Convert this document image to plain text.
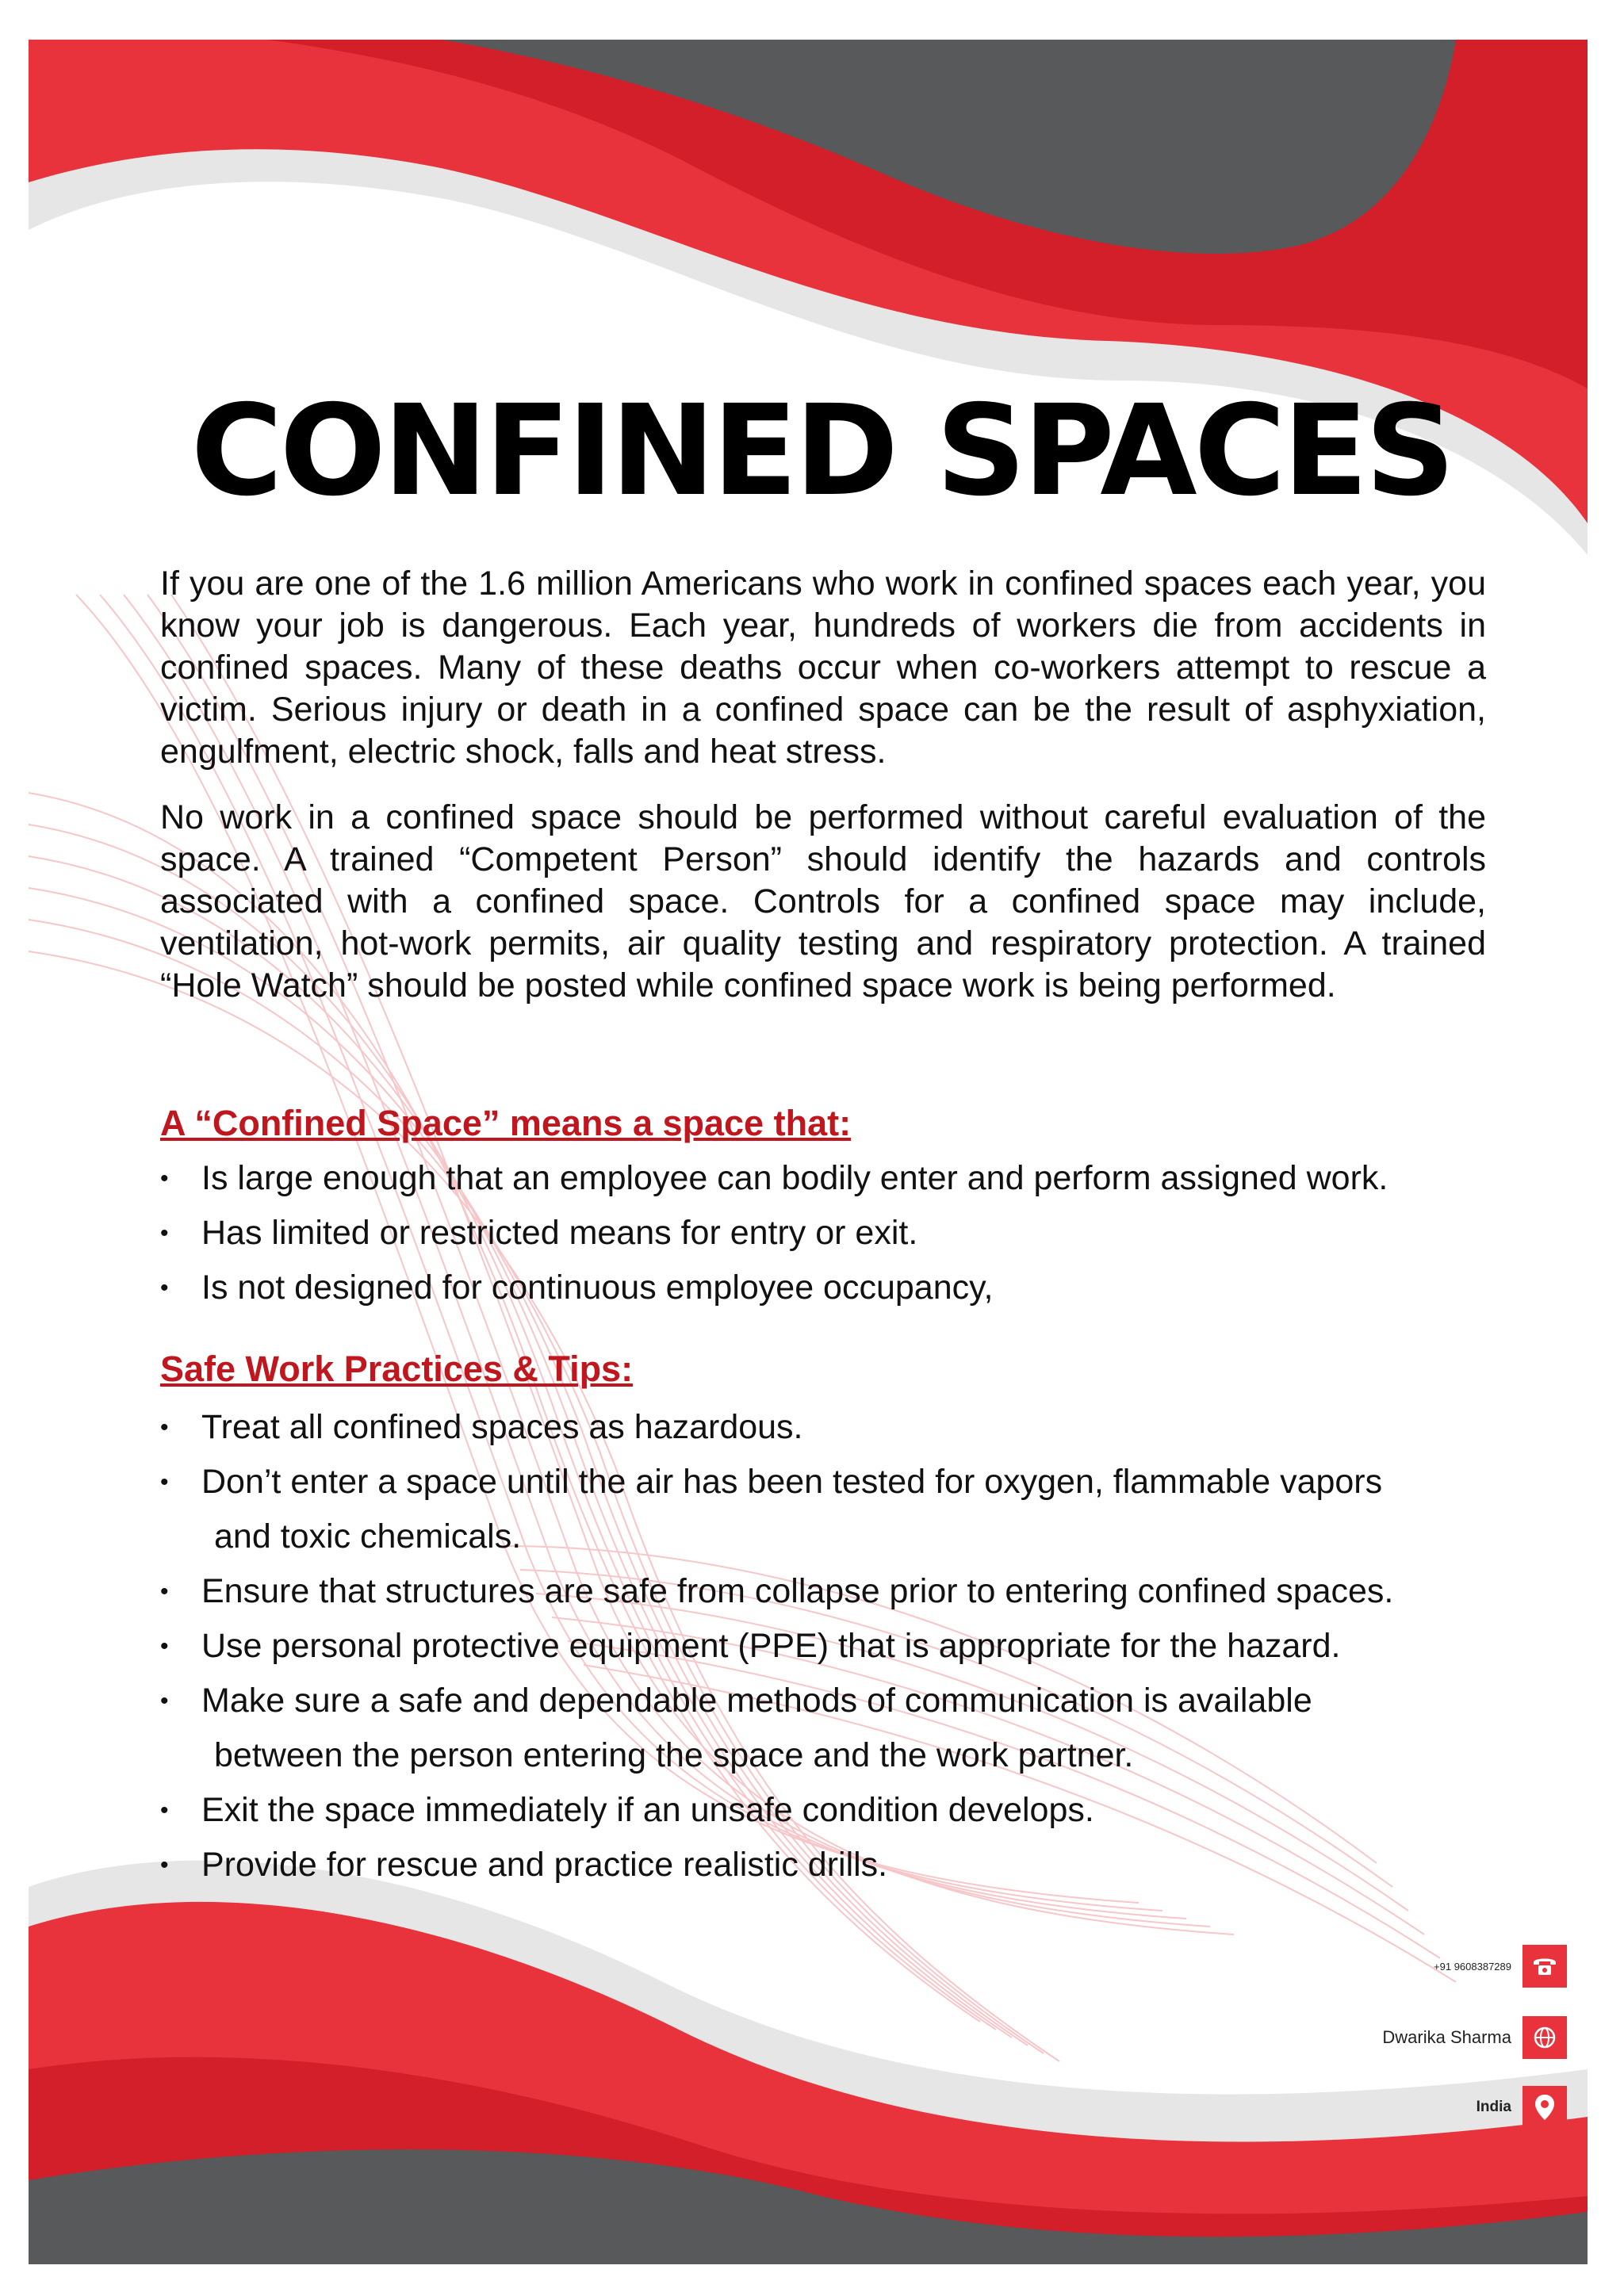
CONFINED SPACES

If you are one of the 1.6 million Americans who work in confined spaces each year, you know your job is dangerous. Each year, hundreds of workers die from accidents in confined spaces. Many of these deaths occur when co-workers attempt to rescue a victim. Serious injury or death in a confined space can be the result of asphyxiation, engulfment, electric shock, falls and heat stress.

No work in a confined space should be performed without careful evaluation of the space. A trained “Competent Person” should identify the hazards and controls associated with a confined space. Controls for a confined space may include, ventilation, hot-work permits, air quality testing and respiratory protection. A trained “Hole Watch” should be posted while confined space work is being performed.

A “Confined Space” means a space that:
• Is large enough that an employee can bodily enter and perform assigned work.
• Has limited or restricted means for entry or exit.
• Is not designed for continuous employee occupancy,
Safe Work Practices & Tips:
• Treat all confined spaces as hazardous.
• Don’t enter a space until the air has been tested for oxygen, flammable vapors
and toxic chemicals.
• Ensure that structures are safe from collapse prior to entering confined spaces.
• Use personal protective equipment (PPE) that is appropriate for the hazard.
• Make sure a safe and dependable methods of communication is available
between the person entering the space and the work partner.
• Exit the space immediately if an unsafe condition develops.
• Provide for rescue and practice realistic drills.
+91 9608387289
Dwarika Sharma
India
